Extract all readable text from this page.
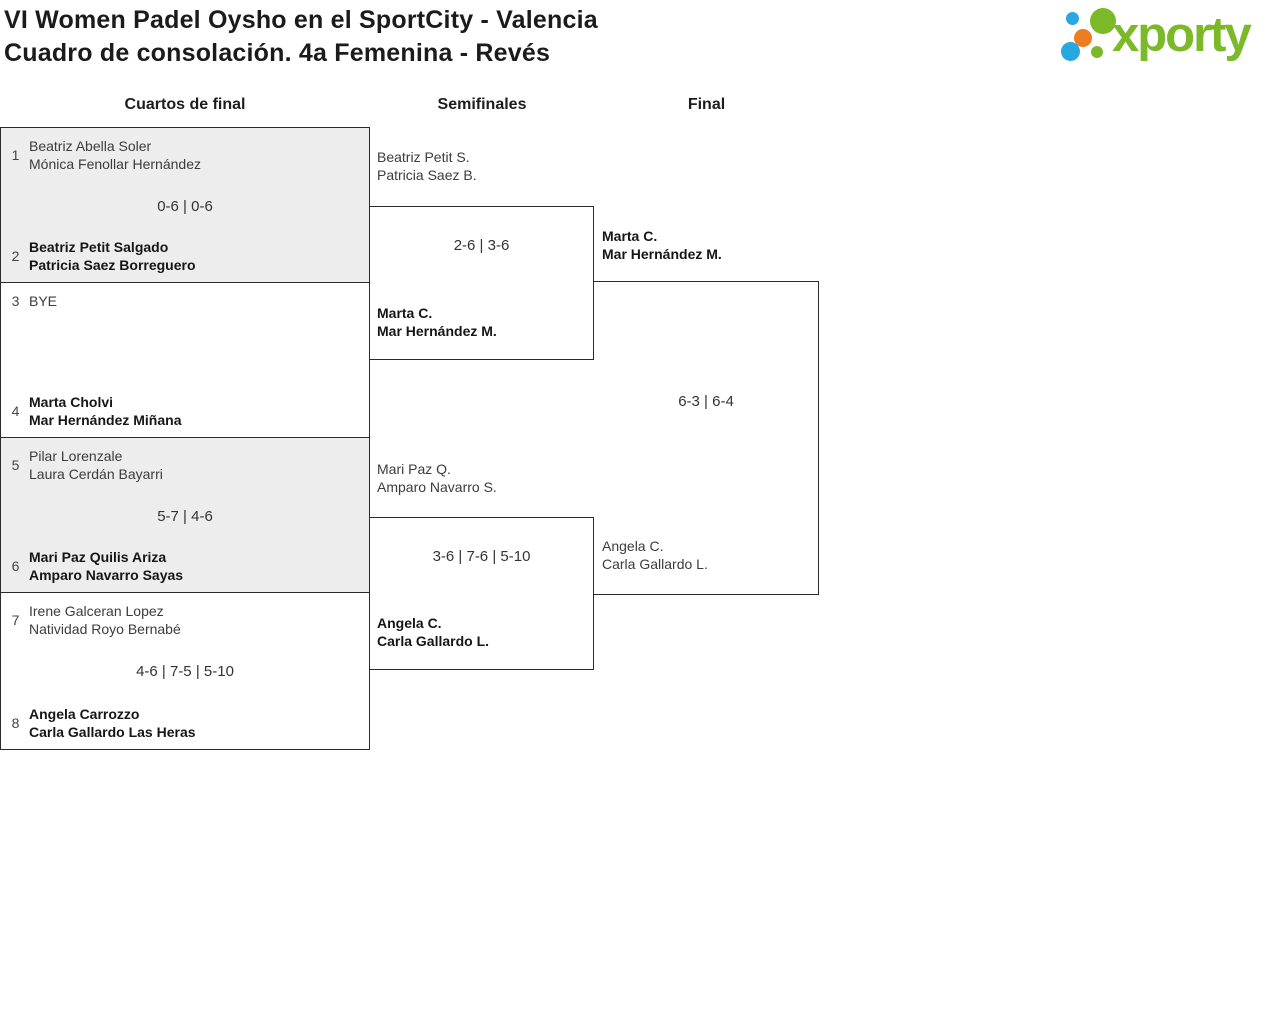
VI Women Padel Oysho en el SportCity - Valencia
Cuadro de consolación. 4a Femenina - Revés	xporty
Cuartos de final	Semifinales	Final
1
Beatriz Abella Soler
Mónica Fenollar Hernández
0-6 | 0-6
2
Beatriz Petit Salgado
Patricia Saez Borreguero
3 BYE
4
Marta Cholvi
Mar Hernández Miñana
5
Pilar Lorenzale
Laura Cerdán Bayarri
5-7 | 4-6
6
Mari Paz Quilis Ariza
Amparo Navarro Sayas
7
Irene Galceran Lopez
Natividad Royo Bernabé
4-6 | 7-5 | 5-10
8
Angela Carrozzo
Carla Gallardo Las Heras
Beatriz Petit S.
Patricia Saez B.
2-6 | 3-6
Marta C.
Mar Hernández M.
Mari Paz Q.
Amparo Navarro S.
3-6 | 7-6 | 5-10
Angela C.
Carla Gallardo L.
Marta C.
Mar Hernández M.
6-3 | 6-4
Angela C.
Carla Gallardo L.
